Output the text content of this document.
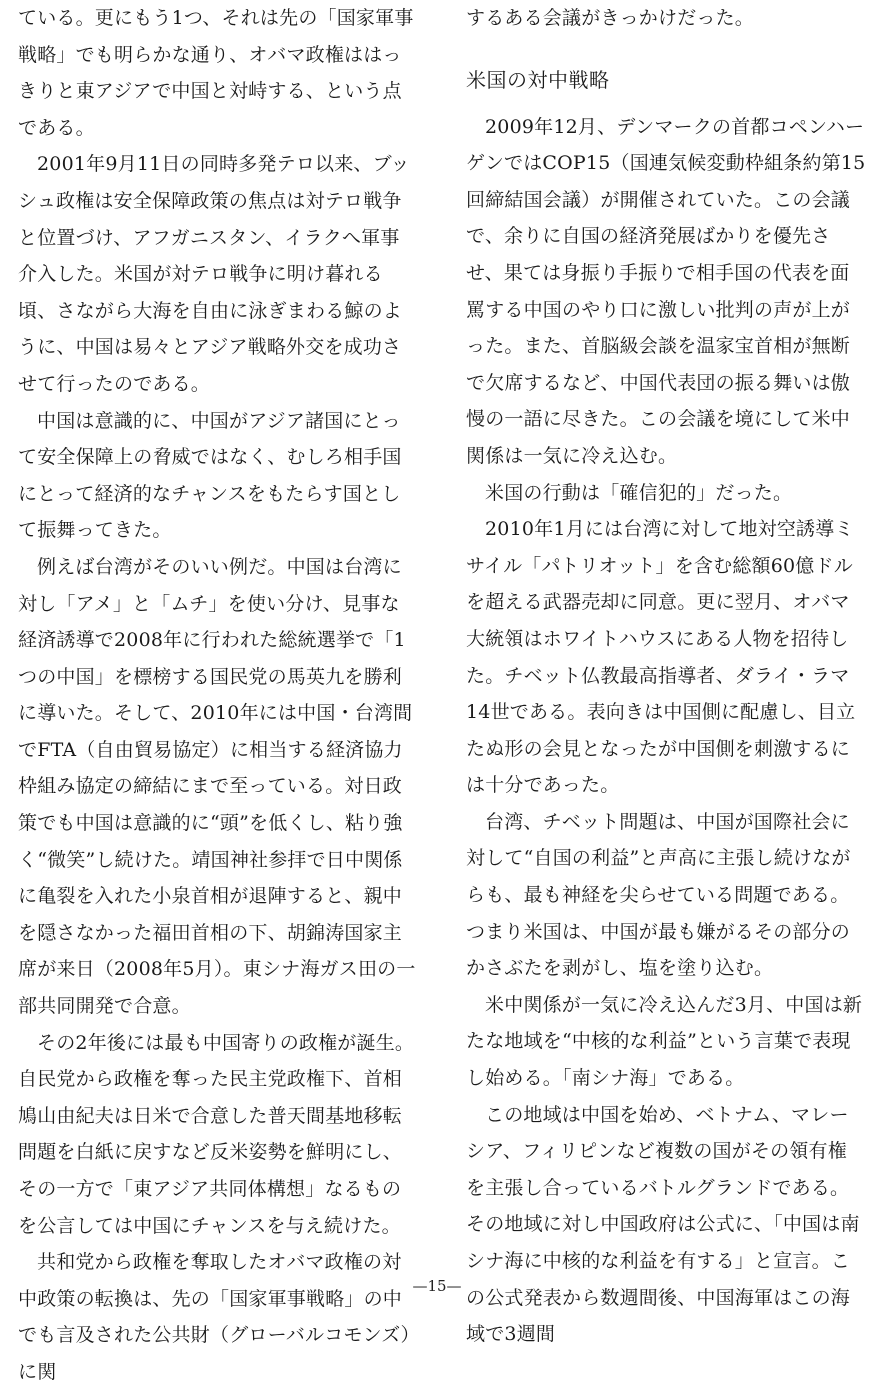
ている。更にもう1つ、それは先の「国家軍事戦略」でも明らかな通り、オバマ政権ははっきりと東アジアで中国と対峙する、という点である。

2001年9月11日の同時多発テロ以来、ブッシュ政権は安全保障政策の焦点は対テロ戦争と位置づけ、アフガニスタン、イラクへ軍事介入した。米国が対テロ戦争に明け暮れる頃、さながら大海を自由に泳ぎまわる鯨のように、中国は易々とアジア戦略外交を成功させて行ったのである。

中国は意識的に、中国がアジア諸国にとって安全保障上の脅威ではなく、むしろ相手国にとって経済的なチャンスをもたらす国として振舞ってきた。

例えば台湾がそのいい例だ。中国は台湾に対し「アメ」と「ムチ」を使い分け、見事な経済誘導で2008年に行われた総統選挙で「1つの中国」を標榜する国民党の馬英九を勝利に導いた。そして、2010年には中国・台湾間でFTA（自由貿易協定）に相当する経済協力枠組み協定の締結にまで至っている。対日政策でも中国は意識的に“頭”を低くし、粘り強く“微笑”し続けた。靖国神社参拝で日中関係に亀裂を入れた小泉首相が退陣すると、親中を隠さなかった福田首相の下、胡錦涛国家主席が来日（2008年5月）。東シナ海ガス田の一部共同開発で合意。

その2年後には最も中国寄りの政権が誕生。自民党から政権を奪った民主党政権下、首相鳩山由紀夫は日米で合意した普天間基地移転問題を白紙に戻すなど反米姿勢を鮮明にし、その一方で「東アジア共同体構想」なるものを公言しては中国にチャンスを与え続けた。

共和党から政権を奪取したオバマ政権の対中政策の転換は、先の「国家軍事戦略」の中でも言及された公共財（グローバルコモンズ）に関

するある会議がきっかけだった。

米国の対中戦略

2009年12月、デンマークの首都コペンハーゲンではCOP15（国連気候変動枠組条約第15回締結国会議）が開催されていた。この会議で、余りに自国の経済発展ばかりを優先させ、果ては身振り手振りで相手国の代表を面罵する中国のやり口に激しい批判の声が上がった。また、首脳級会談を温家宝首相が無断で欠席するなど、中国代表団の振る舞いは傲慢の一語に尽きた。この会議を境にして米中関係は一気に冷え込む。

米国の行動は「確信犯的」だった。

2010年1月には台湾に対して地対空誘導ミサイル「パトリオット」を含む総額60億ドルを超える武器売却に同意。更に翌月、オバマ大統領はホワイトハウスにある人物を招待した。チベット仏教最高指導者、ダライ・ラマ14世である。表向きは中国側に配慮し、目立たぬ形の会見となったが中国側を刺激するには十分であった。

台湾、チベット問題は、中国が国際社会に対して“自国の利益”と声高に主張し続けながらも、最も神経を尖らせている問題である。つまり米国は、中国が最も嫌がるその部分のかさぶたを剥がし、塩を塗り込む。

米中関係が一気に冷え込んだ3月、中国は新たな地域を“中核的な利益”という言葉で表現し始める。「南シナ海」である。

この地域は中国を始め、ベトナム、マレーシア、フィリピンなど複数の国がその領有権を主張し合っているバトルグランドである。その地域に対し中国政府は公式に、「中国は南シナ海に中核的な利益を有する」と宣言。この公式発表から数週間後、中国海軍はこの海域で3週間

—15—
